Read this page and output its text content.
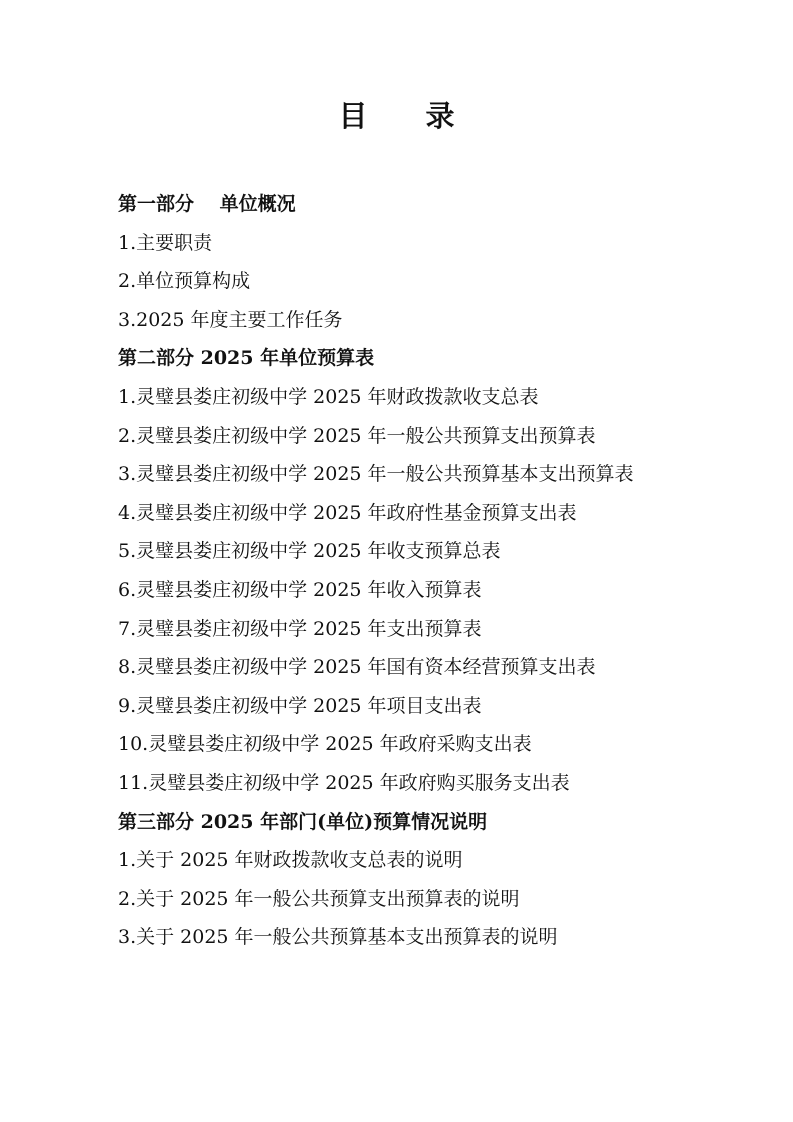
目 录
第一部分　 单位概况
1.主要职责
2.单位预算构成
3.2025 年度主要工作任务
第二部分 2025 年单位预算表
1.灵璧县娄庄初级中学 2025 年财政拨款收支总表
2.灵璧县娄庄初级中学 2025 年一般公共预算支出预算表
3.灵璧县娄庄初级中学 2025 年一般公共预算基本支出预算表
4.灵璧县娄庄初级中学 2025 年政府性基金预算支出表
5.灵璧县娄庄初级中学 2025 年收支预算总表
6.灵璧县娄庄初级中学 2025 年收入预算表
7.灵璧县娄庄初级中学 2025 年支出预算表
8.灵璧县娄庄初级中学 2025 年国有资本经营预算支出表
9.灵璧县娄庄初级中学 2025 年项目支出表
10.灵璧县娄庄初级中学 2025 年政府采购支出表
11.灵璧县娄庄初级中学 2025 年政府购买服务支出表
第三部分 2025 年部门(单位)预算情况说明
1.关于 2025 年财政拨款收支总表的说明
2.关于 2025 年一般公共预算支出预算表的说明
3.关于 2025 年一般公共预算基本支出预算表的说明
